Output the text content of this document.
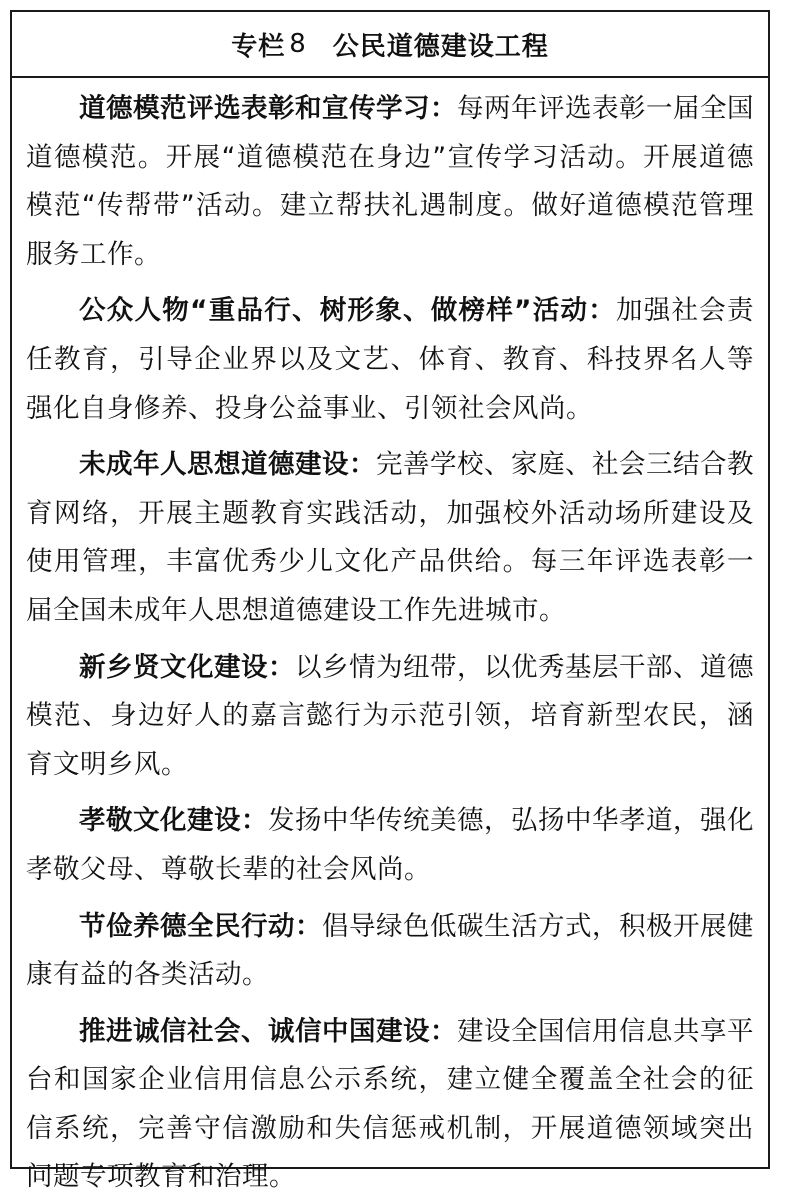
专栏 8 公民道德建设工程

道德模范评选表彰和宣传学习：每两年评选表彰一届全国道德模范。开展“道德模范在身边”宣传学习活动。开展道德模范“传帮带”活动。建立帮扶礼遇制度。做好道德模范管理服务工作。

公众人物“重品行、树形象、做榜样”活动：加强社会责任教育，引导企业界以及文艺、体育、教育、科技界名人等强化自身修养、投身公益事业、引领社会风尚。

未成年人思想道德建设：完善学校、家庭、社会三结合教育网络，开展主题教育实践活动，加强校外活动场所建设及使用管理，丰富优秀少儿文化产品供给。每三年评选表彰一届全国未成年人思想道德建设工作先进城市。

新乡贤文化建设：以乡情为纽带，以优秀基层干部、道德模范、身边好人的嘉言懿行为示范引领，培育新型农民，涵育文明乡风。

孝敬文化建设：发扬中华传统美德，弘扬中华孝道，强化孝敬父母、尊敬长辈的社会风尚。

节俭养德全民行动：倡导绿色低碳生活方式，积极开展健康有益的各类活动。

推进诚信社会、诚信中国建设：建设全国信用信息共享平台和国家企业信用信息公示系统，建立健全覆盖全社会的征信系统，完善守信激励和失信惩戒机制，开展道德领域突出问题专项教育和治理。
